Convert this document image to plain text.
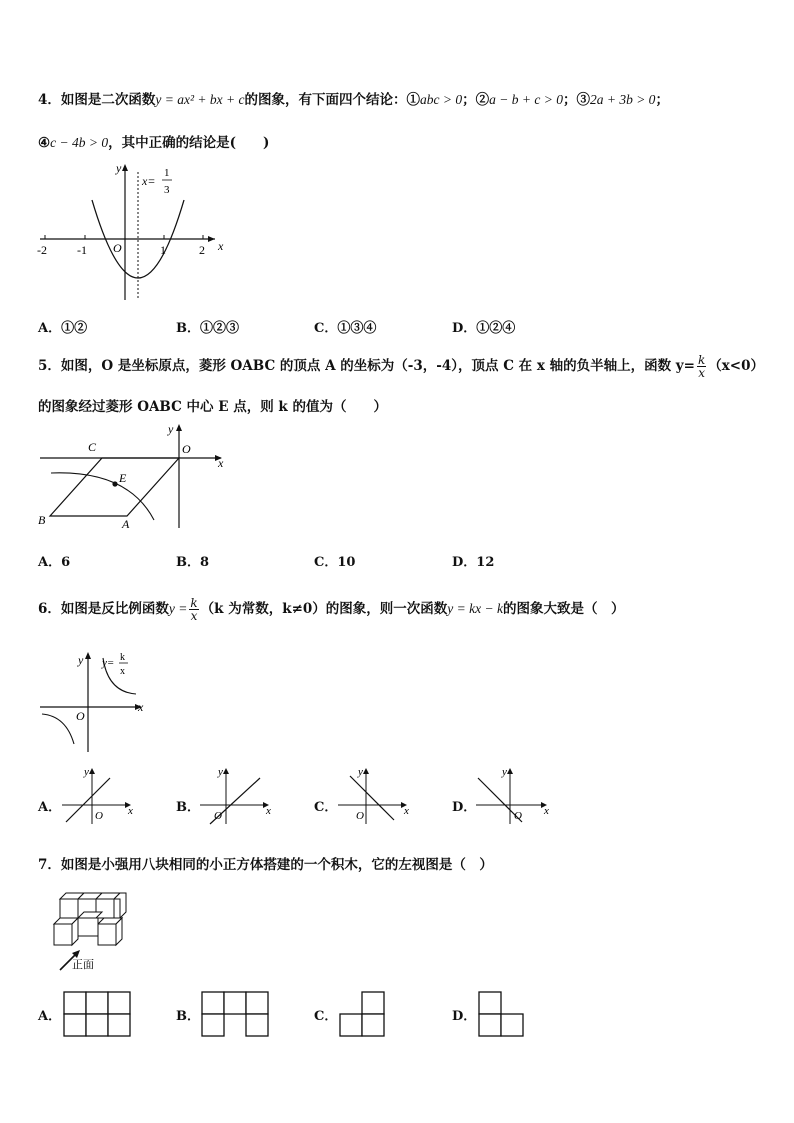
4．如图是二次函数y = ax² + bx + c的图象，有下面四个结论：①abc > 0；②a − b + c > 0；③2a + 3b > 0；
④c − 4b > 0，其中正确的结论是(　　)
x
y
O
-2	-1	1	2
x=
1
3
A．①②	B．①②③	C．①③④	D．①②④
5．如图，O 是坐标原点，菱形 OABC 的顶点 A 的坐标为（-3，-4），顶点 C 在 x 轴的负半轴上，函数 $y= \frac{k}{x} (x<0)$
的图象经过菱形 OABC 中心 E 点，则 k 的值为（　　）
C	O
E
B	A
x
y
A．6	B．8	C．10	D．12
6．如图是反比例函数$y = \frac{k}{x} (k$ 为常数，k≠0）的图象，则一次函数y = kx − k的图象大致是（　）
y
x
O
y= k
x
A．
y
x
O
B．
y
x
O
C．
y
x
O
D．
y
x
O
7．如图是小强用八块相同的小正方体搭建的一个积木，它的左视图是（　）
正面
A．	B．	C．	D．
